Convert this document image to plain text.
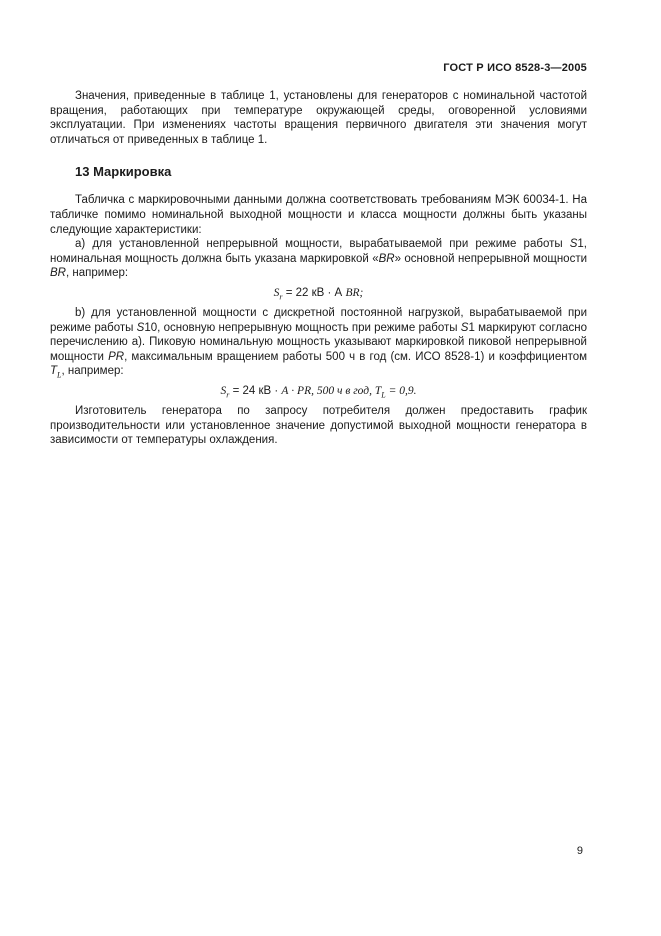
ГОСТ Р ИСО 8528-3—2005

Значения, приведенные в таблице 1, установлены для генераторов с номинальной частотой вращения, работающих при температуре окружающей среды, оговоренной условиями эксплуатации. При изменениях частоты вращения первичного двигателя эти значения могут отличаться от приведенных в таблице 1.

13 Маркировка

Табличка с маркировочными данными должна соответствовать требованиям МЭК 60034-1. На табличке помимо номинальной выходной мощности и класса мощности должны быть указаны следующие характеристики:

a) для установленной непрерывной мощности, вырабатываемой при режиме работы S1, номинальная мощность должна быть указана маркировкой «BR» основной непрерывной мощности BR, например:

$S_r = 22$ кВ · А BR;

b) для установленной мощности с дискретной постоянной нагрузкой, вырабатываемой при режиме работы S10, основную непрерывную мощность при режиме работы S1 маркируют согласно перечислению a). Пиковую номинальную мощность указывают маркировкой пиковой непрерывной мощности PR, максимальным вращением работы 500 ч в год (см. ИСО 8528-1) и коэффициентом $T_L$, например:

$S_r = 24$ кВ · А · PR, 500 ч в год, $T_L = 0,9$.

Изготовитель генератора по запросу потребителя должен предоставить график производительности или установленное значение допустимой выходной мощности генератора в зависимости от температуры охлаждения.

9
